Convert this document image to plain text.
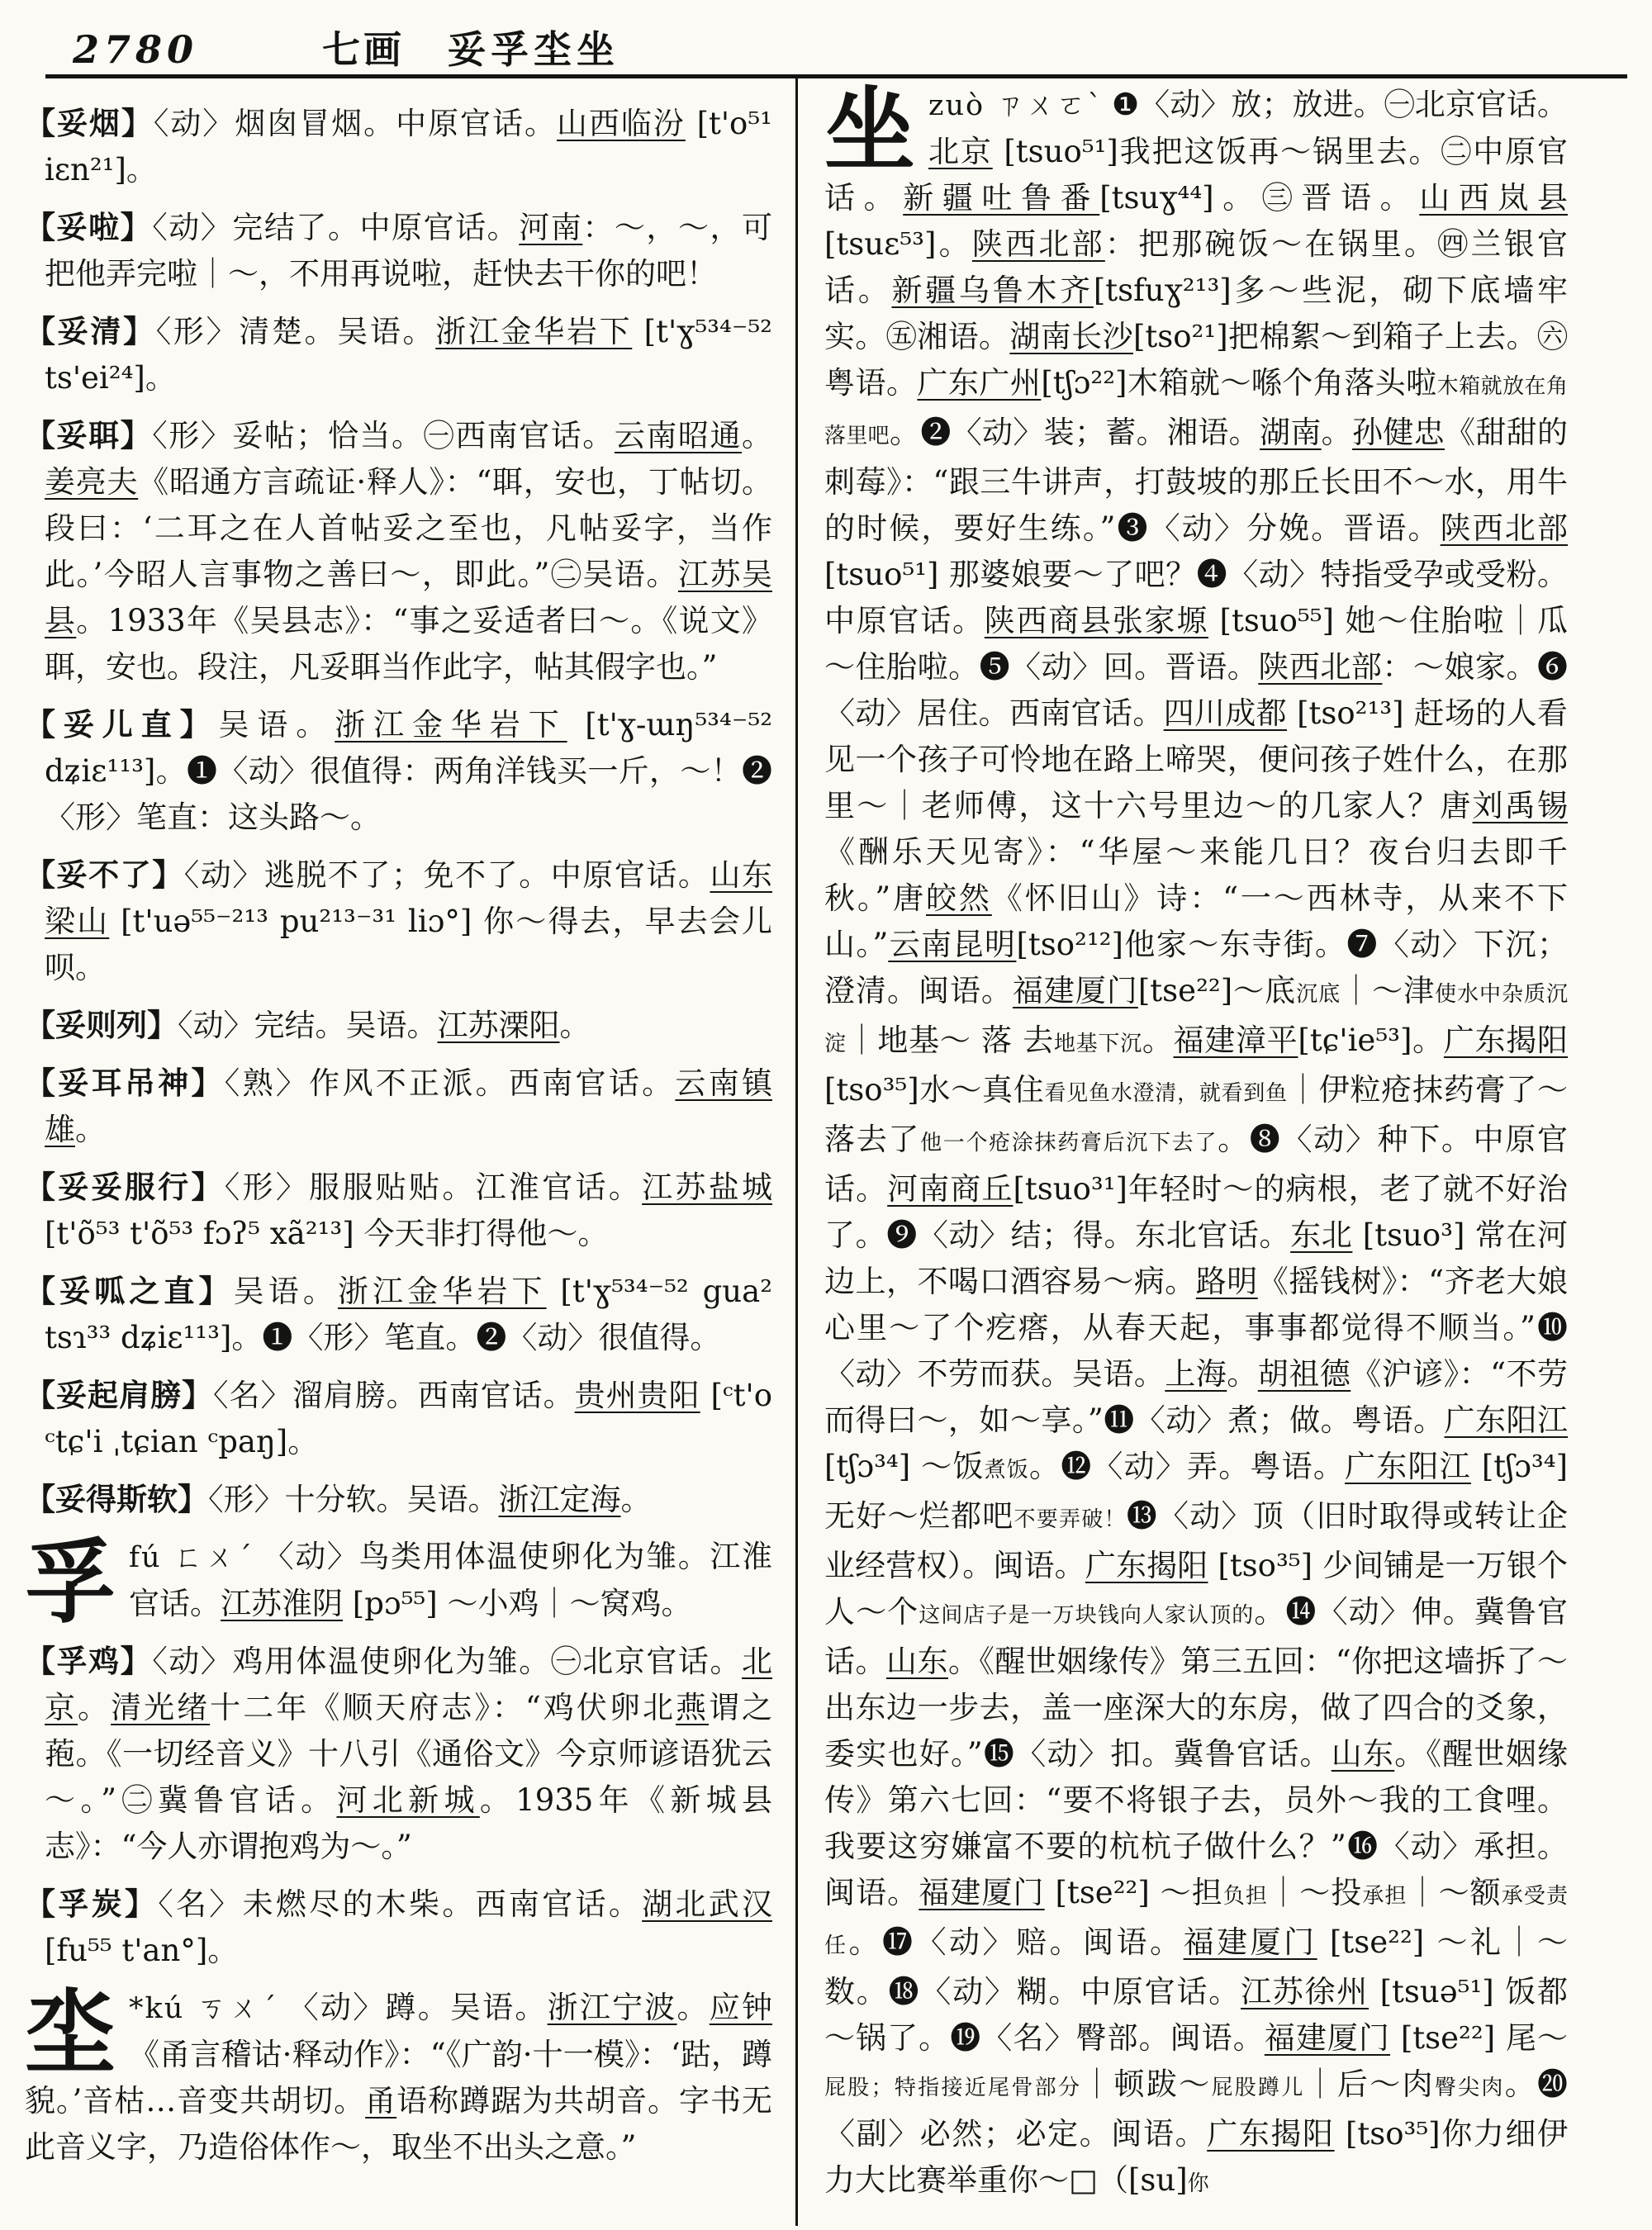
2780	七画 妥孚坔坐

【妥烟】〈动〉烟囱冒烟。中原官话。山西临汾 [t'o⁵¹ iɛn²¹]。

【妥啦】〈动〉完结了。中原官话。河南：～，～，可把他弄完啦｜～，不用再说啦，赶快去干你的吧！

【妥清】〈形〉清楚。吴语。浙江金华岩下 [t'ɣ⁵³⁴⁻⁵² ts'ei²⁴]。

【妥聑】〈形〉妥帖；恰当。㊀西南官话。云南昭通。姜亮夫《昭通方言疏证·释人》：“聑，安也，丁帖切。段曰：‘二耳之在人首帖妥之至也，凡帖妥字，当作此。’今昭人言事物之善曰～，即此。”㊁吴语。江苏吴县。1933年《吴县志》：“事之妥适者曰～。《说文》聑，安也。段注，凡妥聑当作此字，帖其假字也。”

【妥儿直】吴语。浙江金华岩下 [t'ɣ-ɯŋ⁵³⁴⁻⁵² dʑiɛ¹¹³]。❶〈动〉很值得：两角洋钱买一斤，～！❷〈形〉笔直：这头路～。

【妥不了】〈动〉逃脱不了；免不了。中原官话。山东梁山 [t'uə⁵⁵⁻²¹³ pu²¹³⁻³¹ liɔ°] 你～得去，早去会儿呗。

【妥则列】〈动〉完结。吴语。江苏溧阳。

【妥耳吊神】〈熟〉作风不正派。西南官话。云南镇雄。

【妥妥服行】〈形〉服服贴贴。江淮官话。江苏盐城 [t'õ⁵³ t'õ⁵³ fɔʔ⁵ xã²¹³] 今天非打得他～。

【妥呱之直】吴语。浙江金华岩下 [t'ɣ⁵³⁴⁻⁵² gua² tsɿ³³ dʑiɛ¹¹³]。❶〈形〉笔直。❷〈动〉很值得。

【妥起肩膀】〈名〉溜肩膀。西南官话。贵州贵阳 [ᶜt'o ᶜtɕ'i ˌtɕian ᶜpaŋ]。

【妥得斯软】〈形〉十分软。吴语。浙江定海。

孚fú ㄈㄨˊ 〈动〉鸟类用体温使卵化为雏。江淮官话。江苏淮阴 [pɔ⁵⁵] ～小鸡｜～窝鸡。

【孚鸡】〈动〉鸡用体温使卵化为雏。㊀北京官话。北京。清光绪十二年《顺天府志》：“鸡伏卵北燕谓之菢。《一切经音义》十八引《通俗文》今京师谚语犹云～。”㊁冀鲁官话。河北新城。1935年《新城县志》：“今人亦谓抱鸡为～。”

【孚炭】〈名〉未燃尽的木柴。西南官话。湖北武汉 [fu⁵⁵ t'an°]。

坔 *kú ㄎㄨˊ 〈动〉蹲。吴语。浙江宁波。应钟《甬言稽诂·释动作》：“《广韵·十一模》：‘跍，蹲貌。’音枯…音变共胡切。甬语称蹲踞为共胡音。字书无此音义字，乃造俗体作～，取坐不出头之意。”

坐zuò ㄗㄨㄛˋ ❶〈动〉放；放进。㊀北京官话。北京 [tsuo⁵¹]我把这饭再～锅里去。㊁中原官话。新疆吐鲁番[tsuɣ⁴⁴]。㊂晋语。山西岚县[tsuɛ⁵³]。陕西北部：把那碗饭～在锅里。㊃兰银官话。新疆乌鲁木齐[tsfuɣ²¹³]多～些泥，砌下底墙牢实。㊄湘语。湖南长沙[tso²¹]把棉絮～到箱子上去。㊅粤语。广东广州[tʃɔ²²]木箱就～喺个角落头啦木箱就放在角落里吧。❷〈动〉装；蓄。湘语。湖南。孙健忠《甜甜的刺莓》：“跟三牛讲声，打鼓坡的那丘长田不～水，用牛的时候，要好生练。”❸〈动〉分娩。晋语。陕西北部 [tsuo⁵¹] 那婆娘要～了吧？❹〈动〉特指受孕或受粉。中原官话。陕西商县张家塬 [tsuo⁵⁵] 她～住胎啦｜瓜～住胎啦。❺〈动〉回。晋语。陕西北部：～娘家。❻〈动〉居住。西南官话。四川成都 [tso²¹³] 赶场的人看见一个孩子可怜地在路上啼哭，便问孩子姓什么，在那里～｜老师傅，这十六号里边～的几家人？唐刘禹锡《酬乐天见寄》：“华屋～来能几日？夜台归去即千秋。”唐皎然《怀旧山》诗：“一～西林寺，从来不下山。”云南昆明[tso²¹²]他家～东寺街。❼〈动〉下沉；澄清。闽语。福建厦门[tse²²]～底沉底｜～津使水中杂质沉淀｜地基～ 落 去地基下沉。福建漳平[tɕ'ie⁵³]。广东揭阳[tso³⁵]水～真住看见鱼水澄清，就看到鱼｜伊粒疮抹药膏了～落去了他一个疮涂抹药膏后沉下去了。❽〈动〉种下。中原官话。河南商丘[tsuo³¹]年轻时～的病根，老了就不好治了。❾〈动〉结；得。东北官话。东北 [tsuo³] 常在河边上，不喝口酒容易～病。路明《摇钱树》：“齐老大娘心里～了个疙瘩，从春天起，事事都觉得不顺当。”❿〈动〉不劳而获。吴语。上海。胡祖德《沪谚》：“不劳而得曰～，如～享。”⓫〈动〉煮；做。粤语。广东阳江 [tʃɔ³⁴] ～饭煮饭。⓬〈动〉弄。粤语。广东阳江 [tʃɔ³⁴] 无好～烂都吧不要弄破！⓭〈动〉顶（旧时取得或转让企业经营权）。闽语。广东揭阳 [tso³⁵] 少间铺是一万银个人～个这间店子是一万块钱向人家认顶的。⓮〈动〉伸。冀鲁官话。山东。《醒世姻缘传》第三五回：“你把这墙拆了～出东边一步去，盖一座深大的东房，做了四合的爻象，委实也好。”⓯〈动〉扣。冀鲁官话。山东。《醒世姻缘传》第六七回：“要不将银子去，员外～我的工食哩。我要这穷嫌富不要的杭杭子做什么？”⓰〈动〉承担。闽语。福建厦门 [tse²²] ～担负担｜～投承担｜～额承受责任。⓱〈动〉赔。闽语。福建厦门 [tse²²] ～礼｜～数。⓲〈动〉糊。中原官话。江苏徐州 [tsuə⁵¹] 饭都～锅了。⓳〈名〉臀部。闽语。福建厦门 [tse²²] 尾～屁股；特指接近尾骨部分｜顿跋～屁股蹲儿｜后～肉臀尖肉。⓴〈副〉必然；必定。闽语。广东揭阳 [tso³⁵]你力细伊力大比赛举重你～□（[su]你
